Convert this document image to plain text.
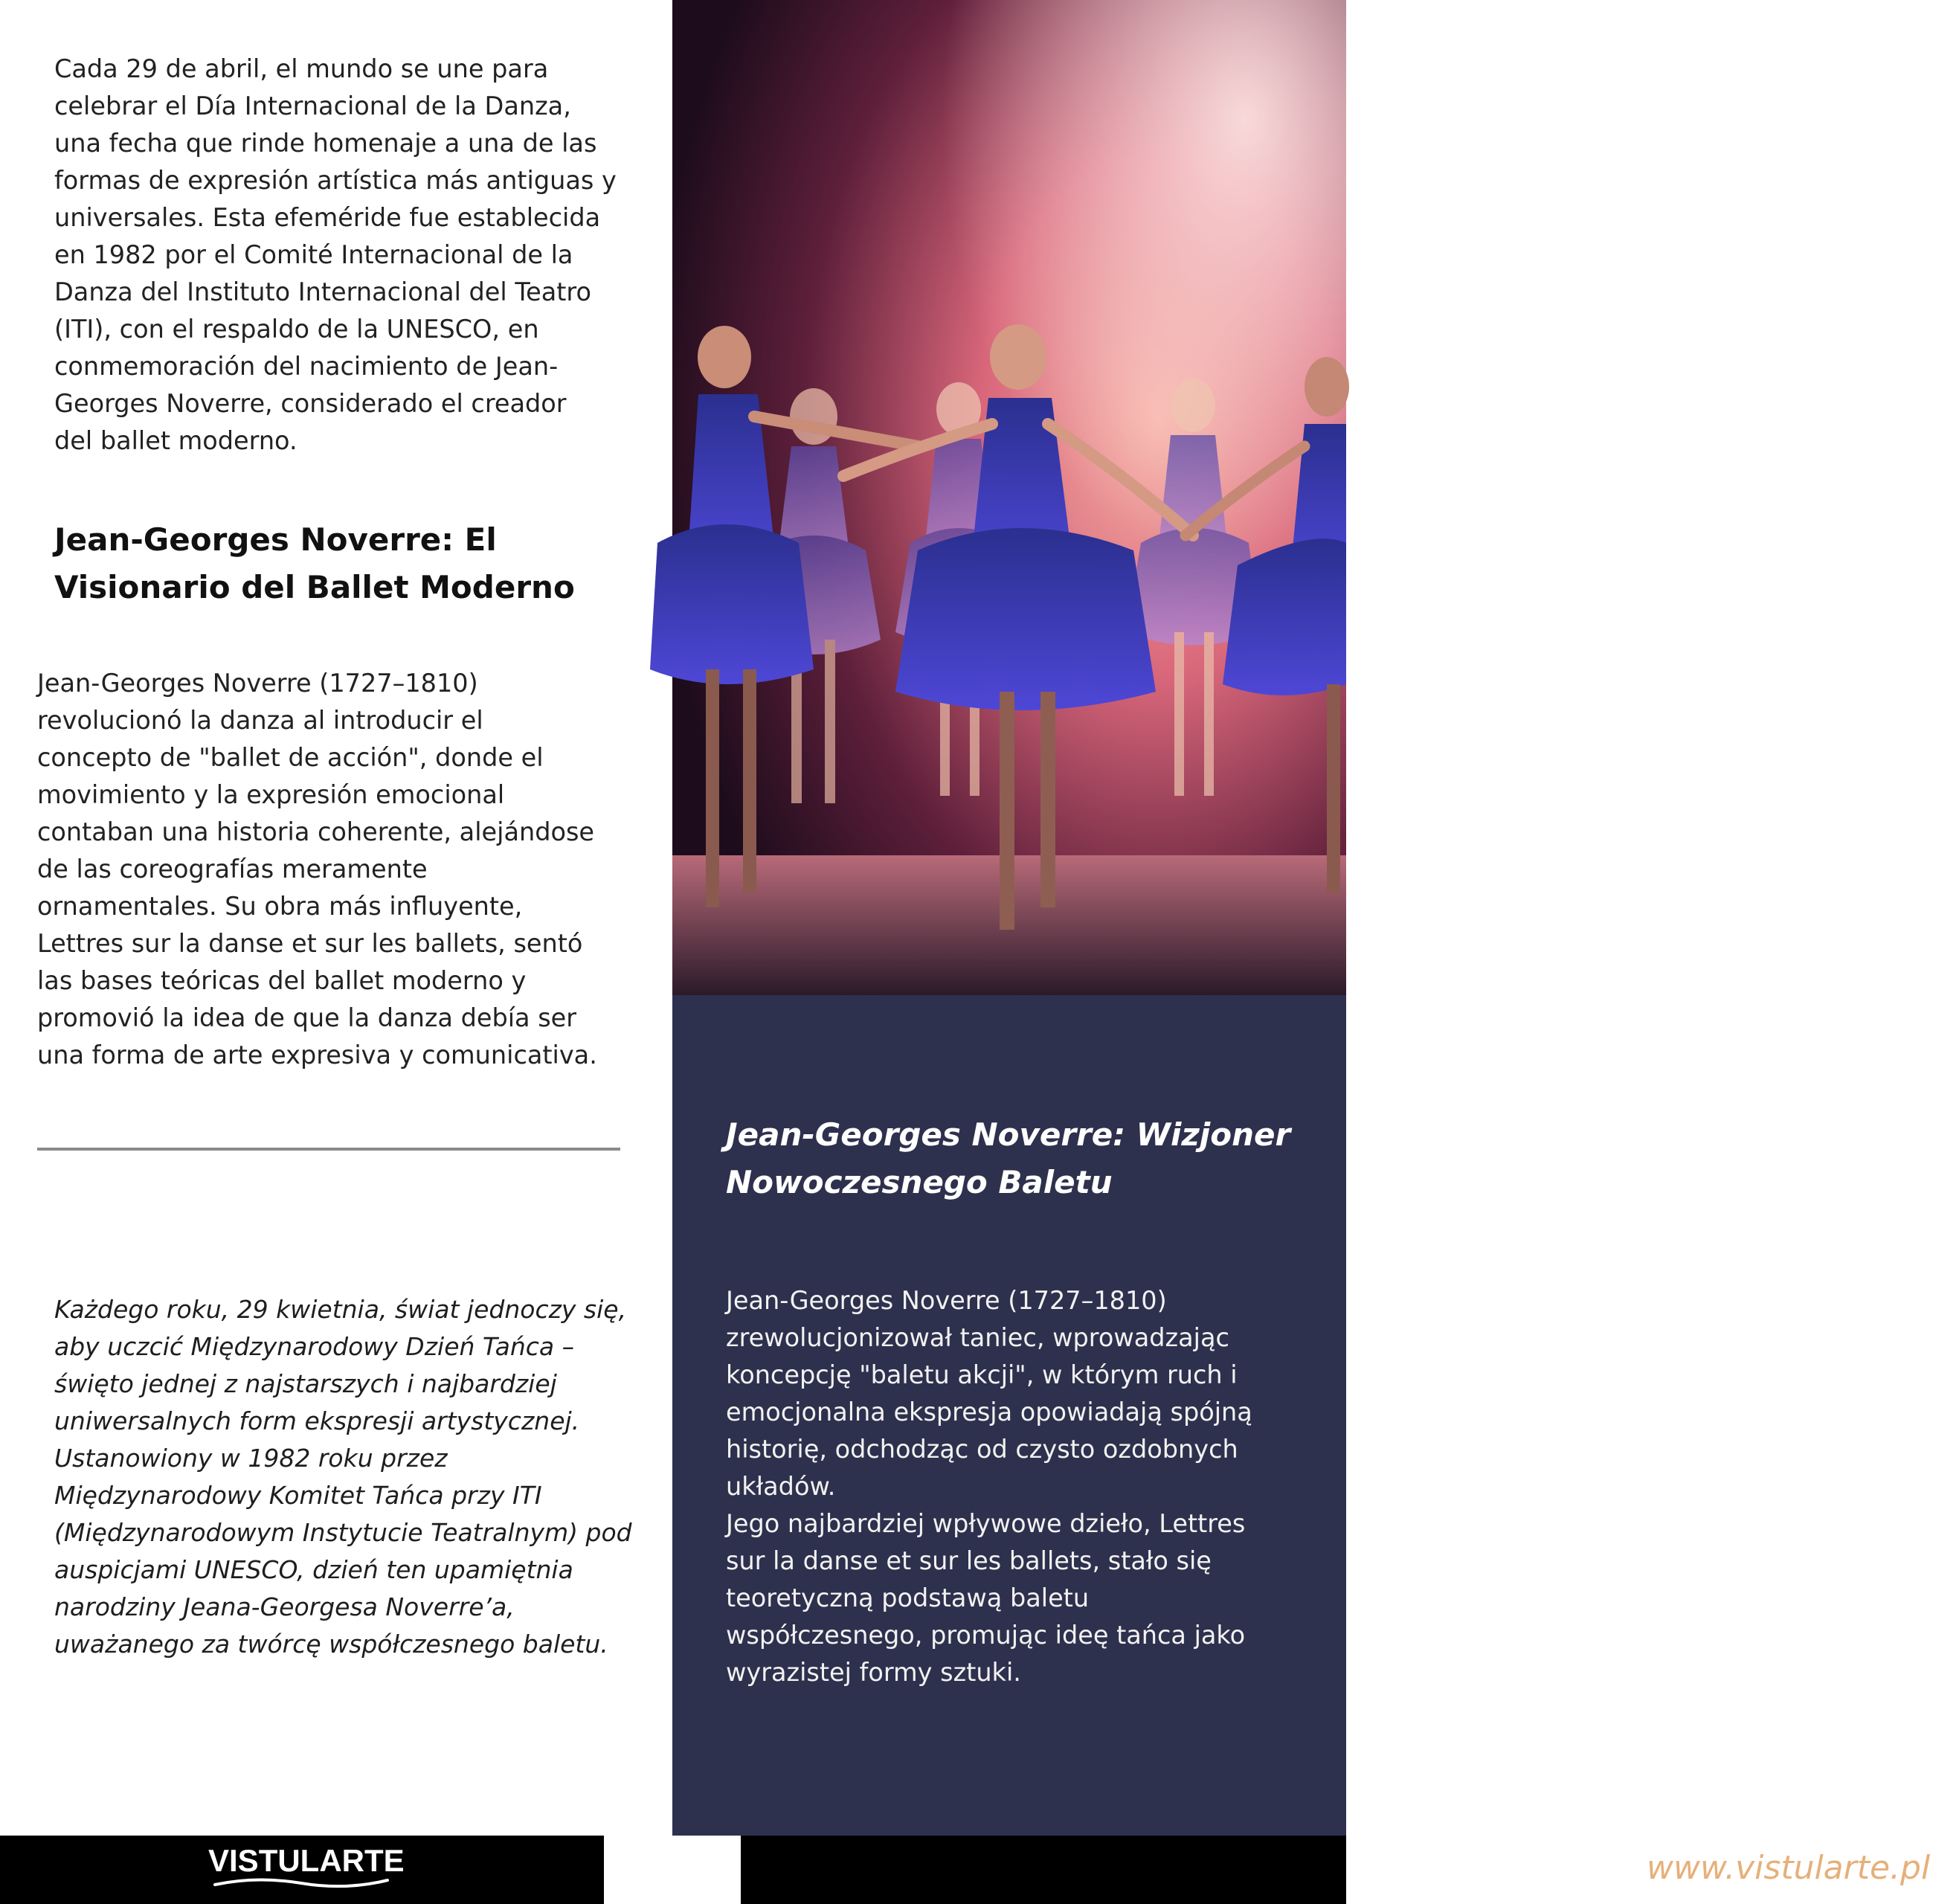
Cada 29 de abril, el mundo se une para
celebrar el Día Internacional de la Danza,
una fecha que rinde homenaje a una de las
formas de expresión artística más antiguas y
universales. Esta efeméride fue establecida
en 1982 por el Comité Internacional de la
Danza del Instituto Internacional del Teatro
(ITI), con el respaldo de la UNESCO, en
conmemoración del nacimiento de Jean-
Georges Noverre, considerado el creador
del ballet moderno.

Jean-Georges Noverre: El
Visionario del Ballet Moderno

Jean-Georges Noverre (1727–1810)
revolucionó la danza al introducir el
concepto de "ballet de acción", donde el
movimiento y la expresión emocional
contaban una historia coherente, alejándose
de las coreografías meramente
ornamentales. Su obra más influyente,
Lettres sur la danse et sur les ballets, sentó
las bases teóricas del ballet moderno y
promovió la idea de que la danza debía ser
una forma de arte expresiva y comunicativa.

Każdego roku, 29 kwietnia, świat jednoczy się,
aby uczcić Międzynarodowy Dzień Tańca –
święto jednej z najstarszych i najbardziej
uniwersalnych form ekspresji artystycznej.
Ustanowiony w 1982 roku przez
Międzynarodowy Komitet Tańca przy ITI
(Międzynarodowym Instytucie Teatralnym) pod
auspicjami UNESCO, dzień ten upamiętnia
narodziny Jeana-Georgesa Noverre’a,
uważanego za twórcę współczesnego baletu.

Jean-Georges Noverre: Wizjoner
Nowoczesnego Baletu

Jean-Georges Noverre (1727–1810)
zrewolucjonizował taniec, wprowadzając
koncepcję "baletu akcji", w którym ruch i
emocjonalna ekspresja opowiadają spójną
historię, odchodząc od czysto ozdobnych
układów.
Jego najbardziej wpływowe dzieło, Lettres
sur la danse et sur les ballets, stało się
teoretyczną podstawą baletu
współczesnego, promując ideę tańca jako
wyrazistej formy sztuki.

VISTULARTE	www.vistularte.pl
